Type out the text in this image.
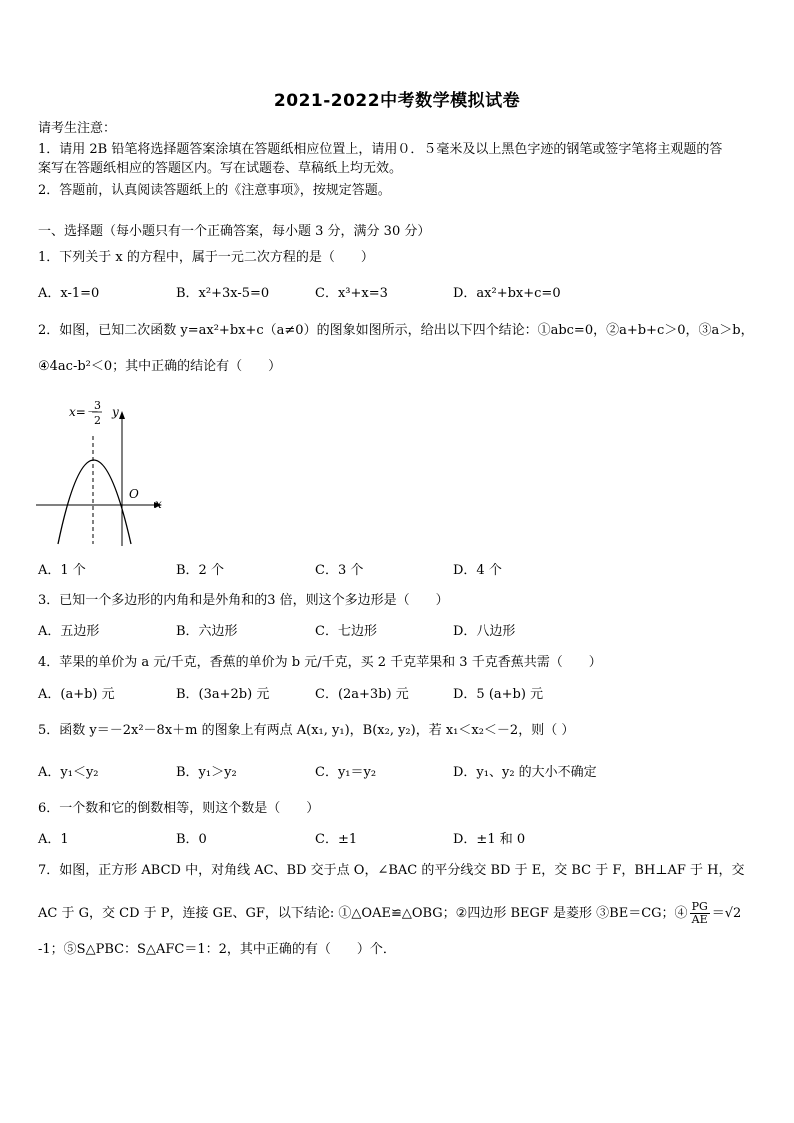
2021-2022中考数学模拟试卷
请考生注意：
1．请用 2B 铅笔将选择题答案涂填在答题纸相应位置上，请用０．５毫米及以上黑色字迹的钢笔或签字笔将主观题的答
案写在答题纸相应的答题区内。写在试题卷、草稿纸上均无效。
2．答题前，认真阅读答题纸上的《注意事项》，按规定答题。
一、选择题（每小题只有一个正确答案，每小题 3 分，满分 30 分）
1．下列关于 x 的方程中，属于一元二次方程的是（　　）
A．x-1=0	B．x²+3x-5=0	C．x³+x=3	D．ax²+bx+c=0
2．如图，已知二次函数 y=ax²+bx+c（a≠0）的图象如图所示，给出以下四个结论：①abc=0，②a+b+c＞0，③a＞b，
④4ac-b²＜0；其中正确的结论有（　　）
x=－
3
2
y
O
x
A．1 个	B．2 个	C．3 个	D．4 个
3．已知一个多边形的内角和是外角和的3 倍，则这个多边形是（　　）
A．五边形	B．六边形	C．七边形	D．八边形
4．苹果的单价为 a 元/千克，香蕉的单价为 b 元/千克，买 2 千克苹果和 3 千克香蕉共需（　　）
A．(a+b) 元	B．(3a+2b) 元	C．(2a+3b) 元	D．5 (a+b) 元
5．函数 y＝－2x²－8x＋m 的图象上有两点 A(x₁, y₁)，B(x₂, y₂)，若 x₁＜x₂＜－2，则（ ）
A．y₁＜y₂	B．y₁＞y₂	C．y₁＝y₂	D．y₁、y₂ 的大小不确定
6．一个数和它的倒数相等，则这个数是（　　）
A．1	B．0	C．±1	D．±1 和 0
7．如图，正方形 ABCD 中，对角线 AC、BD 交于点 O，∠BAC 的平分线交 BD 于 E，交 BC 于 F，BH⊥AF 于 H，交
AC 于 G，交 CD 于 P，连接 GE、GF，以下结论: ①△OAE≌△OBG；②四边形 BEGF 是菱形 ③BE＝CG；④ $\frac{PG}{AE} =√2$
-1；⑤S△PBC：S△AFC＝1：2，其中正确的有（　　）个．
